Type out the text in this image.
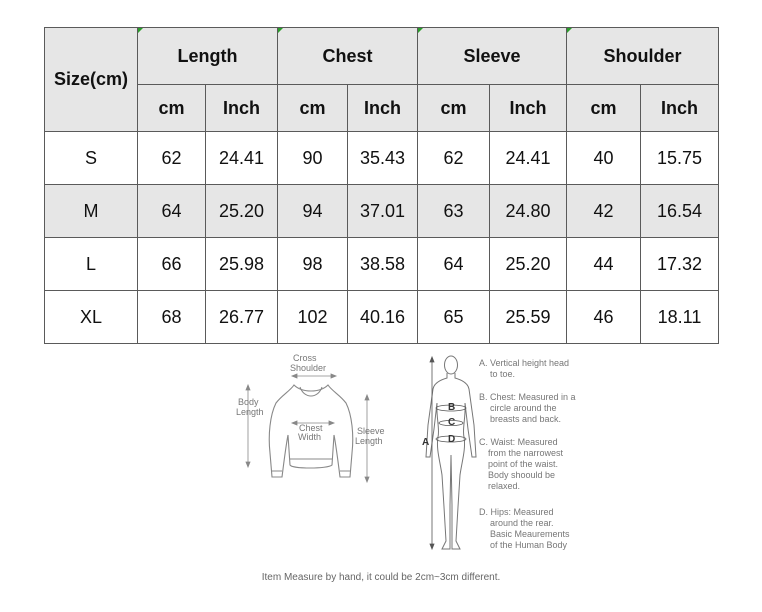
Size(cm)	Length		Chest		Sleeve		Shoulder	
	cm	Inch	cm	Inch	cm	Inch	cm	Inch
S	62	24.41	90	35.43	62	24.41	40	15.75
M	64	25.20	94	37.01	63	24.80	42	16.54
L	66	25.98	98	38.58	64	25.20	44	17.32
XL	68	26.77	102	40.16	65	25.59	46	18.11
Cross
Shoulder
Body
Length
Chest
Width
Sleeve
Length	A
B
C
D
A. Vertical height head
to toe.
B. Chest: Measured in a
circle around the
breasts and back.
C. Waist: Measured
from the narrowest
point of the waist.
Body shoould be
relaxed.
D. Hips: Measured
around the rear.
Basic Meaurements
of the Human Body
Item Measure by hand, it could be 2cm~3cm different.
